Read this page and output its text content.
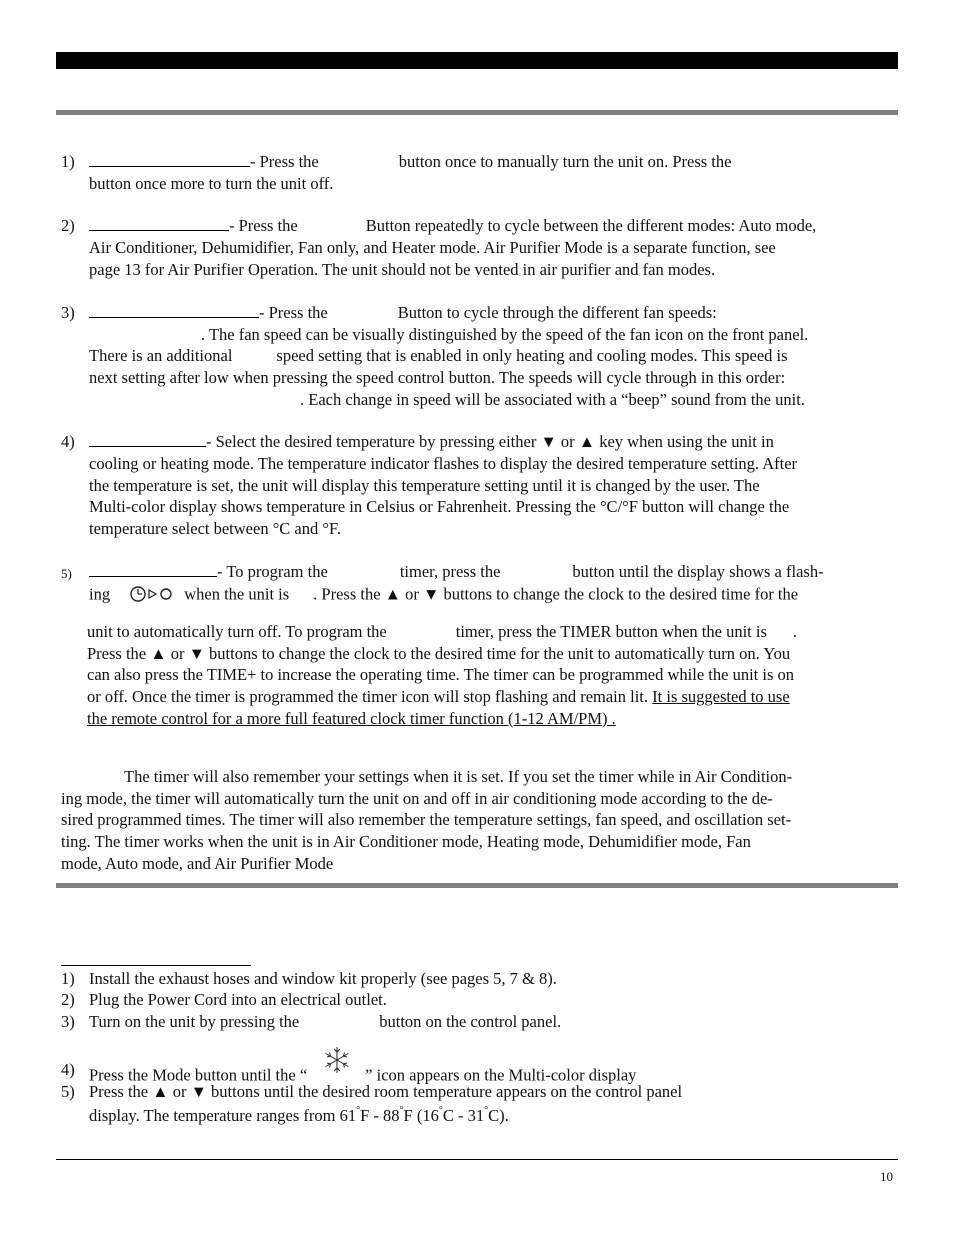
1)	- Press the	button once to manually turn the unit on. Press the
button once more to turn the unit off.
2)	- Press the	Button repeatedly to cycle between the different modes: Auto mode,
Air Conditioner, Dehumidifier, Fan only, and Heater mode. Air Purifier Mode is a separate function, see
page 13 for Air Purifier Operation. The unit should not be vented in air purifier and fan modes.
3)	- Press the	Button to cycle through the different fan speeds:
. The fan speed can be visually distinguished by the speed of the fan icon on the front panel.
There is an additional	speed setting that is enabled in only heating and cooling modes. This speed is
next setting after low when pressing the speed control button. The speeds will cycle through in this order:
. Each change in speed will be associated with a “beep” sound from the unit.
4)	- Select the desired temperature by pressing either ▼ or ▲ key when using the unit in
cooling or heating mode. The temperature indicator flashes to display the desired temperature setting. After
the temperature is set, the unit will display this temperature setting until it is changed by the user. The
Multi-color display shows temperature in Celsius or Fahrenheit. Pressing the °C/°F button will change the
temperature select between °C and °F.
5)	- To program the	timer, press the	button until the display shows a flash-
ing	when the unit is . Press the ▲ or ▼ buttons to change the clock to the desired time for the
unit to automatically turn off. To program the	timer, press the TIMER button when the unit is .
Press the ▲ or ▼ buttons to change the clock to the desired time for the unit to automatically turn on. You
can also press the TIME+ to increase the operating time. The timer can be programmed while the unit is on
or off. Once the timer is programmed the timer icon will stop flashing and remain lit. It is suggested to use
the remote control for a more full featured clock timer function (1-12 AM/PM) .
The timer will also remember your settings when it is set. If you set the timer while in Air Condition-
ing mode, the timer will automatically turn the unit on and off in air conditioning mode according to the de-
sired programmed times. The timer will also remember the temperature settings, fan speed, and oscillation set-
ting. The timer works when the unit is in Air Conditioner mode, Heating mode, Dehumidifier mode, Fan
mode, Auto mode, and Air Purifier Mode
1) Install the exhaust hoses and window kit properly (see pages 5, 7 & 8).
2) Plug the Power Cord into an electrical outlet.
3) Turn on the unit by pressing the	button on the control panel.
4) Press the Mode button until the “	” icon appears on the Multi-color display
5) Press the ▲ or ▼ buttons until the desired room temperature appears on the control panel
display. The temperature ranges from 61°F - 88°F (16°C - 31°C).
10
